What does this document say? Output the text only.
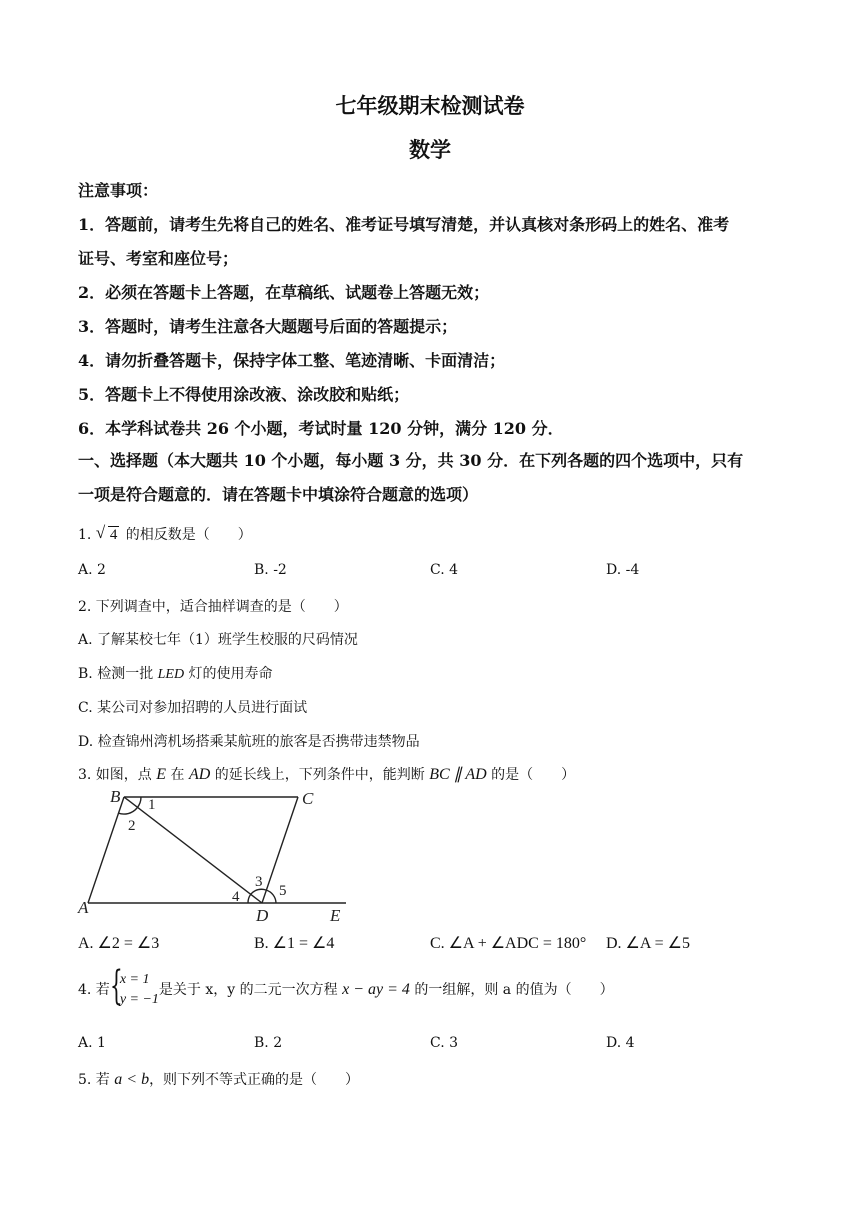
七年级期末检测试卷
数学
注意事项：
1．答题前，请考生先将自己的姓名、准考证号填写清楚，并认真核对条形码上的姓名、准考
证号、考室和座位号；
2．必须在答题卡上答题，在草稿纸、试题卷上答题无效；
3．答题时，请考生注意各大题题号后面的答题提示；
4．请勿折叠答题卡，保持字体工整、笔迹清晰、卡面清洁；
5．答题卡上不得使用涂改液、涂改胶和贴纸；
6．本学科试卷共 26 个小题，考试时量 120 分钟，满分 120 分．
一、选择题（本大题共 10 个小题，每小题 3 分，共 30 分．在下列各题的四个选项中，只有
一项是符合题意的．请在答题卡中填涂符合题意的选项）
1. √ 4 的相反数是（　　）
A. 2	B. -2	C. 4	D. -4
2. 下列调查中，适合抽样调查的是（　　）
A. 了解某校七年（1）班学生校服的尺码情况
B. 检测一批 LED 灯的使用寿命
C. 某公司对参加招聘的人员进行面试
D. 检查锦州湾机场搭乘某航班的旅客是否携带违禁物品
3. 如图，点 E 在 AD 的延长线上，下列条件中，能判断 BC ∥ AD 的是（　　）
A
B	C
D	E
1
2
3
4	5
A. ∠2 = ∠3	B. ∠1 = ∠4	C. ∠A + ∠ADC = 180° D. ∠A = ∠5
4. 若 {
x = 1
y = −1
是关于 x，y 的二元一次方程 x − ay = 4 的一组解，则 a 的值为（　　）
A. 1	B. 2	C. 3	D. 4
5. 若 a < b，则下列不等式正确的是（　　）
